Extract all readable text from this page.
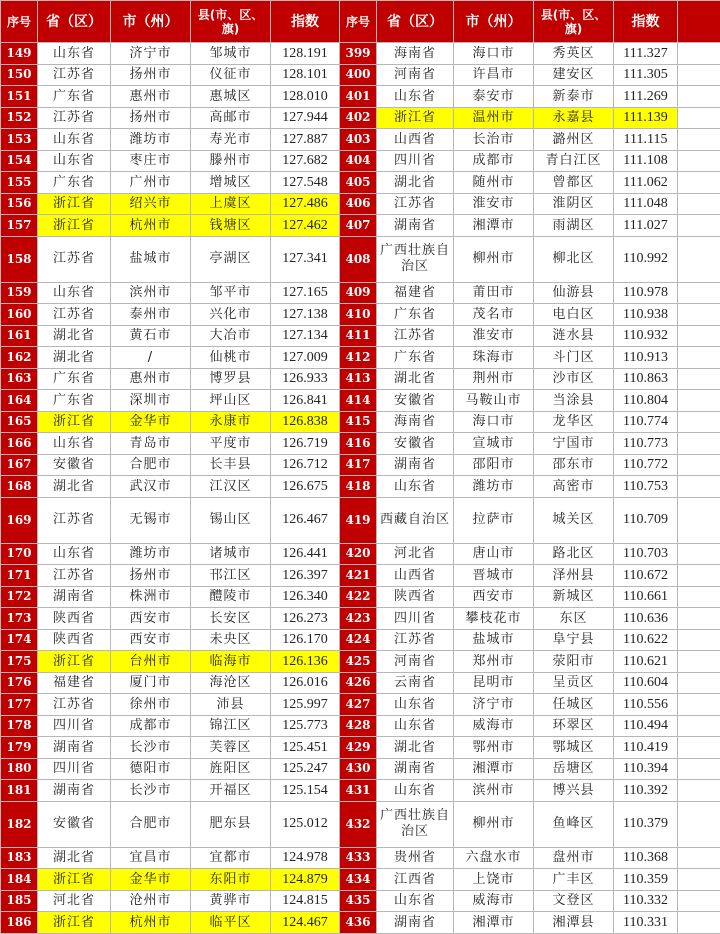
序号	省（区）	市（州）	县(市、区、旗)	指数	序号	省（区）	市（州）	县(市、区、旗)	指数	
149	山东省	济宁市	邹城市	128.191	399	海南省	海口市	秀英区	111.327	
150	江苏省	扬州市	仪征市	128.101	400	河南省	许昌市	建安区	111.305	
151	广东省	惠州市	惠城区	128.010	401	山东省	泰安市	新泰市	111.269	
152	江苏省	扬州市	高邮市	127.944	402	浙江省	温州市	永嘉县	111.139	
153	山东省	潍坊市	寿光市	127.887	403	山西省	长治市	潞州区	111.115	
154	山东省	枣庄市	滕州市	127.682	404	四川省	成都市	青白江区	111.108	
155	广东省	广州市	增城区	127.548	405	湖北省	随州市	曾都区	111.062	
156	浙江省	绍兴市	上虞区	127.486	406	江苏省	淮安市	淮阴区	111.048	
157	浙江省	杭州市	钱塘区	127.462	407	湖南省	湘潭市	雨湖区	111.027	
158	江苏省	盐城市	亭湖区	127.341	408	广西壮族自治区	柳州市	柳北区	110.992	
159	山东省	滨州市	邹平市	127.165	409	福建省	莆田市	仙游县	110.978	
160	江苏省	泰州市	兴化市	127.138	410	广东省	茂名市	电白区	110.938	
161	湖北省	黄石市	大冶市	127.134	411	江苏省	淮安市	涟水县	110.932	
162	湖北省	/	仙桃市	127.009	412	广东省	珠海市	斗门区	110.913	
163	广东省	惠州市	博罗县	126.933	413	湖北省	荆州市	沙市区	110.863	
164	广东省	深圳市	坪山区	126.841	414	安徽省	马鞍山市	当涂县	110.804	
165	浙江省	金华市	永康市	126.838	415	海南省	海口市	龙华区	110.774	
166	山东省	青岛市	平度市	126.719	416	安徽省	宣城市	宁国市	110.773	
167	安徽省	合肥市	长丰县	126.712	417	湖南省	邵阳市	邵东市	110.772	
168	湖北省	武汉市	江汉区	126.675	418	山东省	潍坊市	高密市	110.753	
169	江苏省	无锡市	锡山区	126.467	419	西藏自治区	拉萨市	城关区	110.709	
170	山东省	潍坊市	诸城市	126.441	420	河北省	唐山市	路北区	110.703	
171	江苏省	扬州市	邗江区	126.397	421	山西省	晋城市	泽州县	110.672	
172	湖南省	株洲市	醴陵市	126.340	422	陕西省	西安市	新城区	110.661	
173	陕西省	西安市	长安区	126.273	423	四川省	攀枝花市	东区	110.636	
174	陕西省	西安市	未央区	126.170	424	江苏省	盐城市	阜宁县	110.622	
175	浙江省	台州市	临海市	126.136	425	河南省	郑州市	荥阳市	110.621	
176	福建省	厦门市	海沧区	126.016	426	云南省	昆明市	呈贡区	110.604	
177	江苏省	徐州市	沛县	125.997	427	山东省	济宁市	任城区	110.556	
178	四川省	成都市	锦江区	125.773	428	山东省	威海市	环翠区	110.494	
179	湖南省	长沙市	芙蓉区	125.451	429	湖北省	鄂州市	鄂城区	110.419	
180	四川省	德阳市	旌阳区	125.247	430	湖南省	湘潭市	岳塘区	110.394	
181	湖南省	长沙市	开福区	125.154	431	山东省	滨州市	博兴县	110.392	
182	安徽省	合肥市	肥东县	125.012	432	广西壮族自治区	柳州市	鱼峰区	110.379	
183	湖北省	宜昌市	宜都市	124.978	433	贵州省	六盘水市	盘州市	110.368	
184	浙江省	金华市	东阳市	124.879	434	江西省	上饶市	广丰区	110.359	
185	河北省	沧州市	黄骅市	124.815	435	山东省	威海市	文登区	110.332	
186	浙江省	杭州市	临平区	124.467	436	湖南省	湘潭市	湘潭县	110.331	
